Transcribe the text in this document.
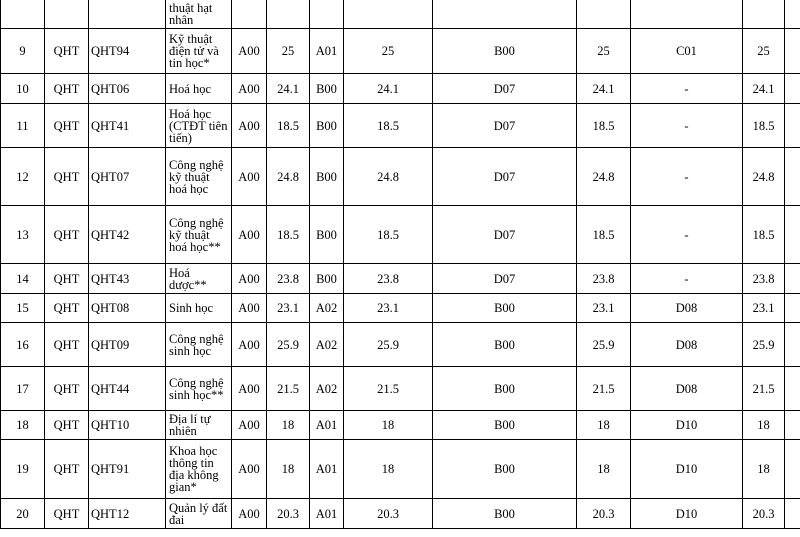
			thuật hạt nhân									
9	QHT	QHT94	Kỹ thuật điện tử và tin học*	A00	25	A01	25	B00	25	C01	25	
10	QHT	QHT06	Hoá học	A00	24.1	B00	24.1	D07	24.1	-	24.1	
11	QHT	QHT41	Hoá học (CTĐT tiên tiến)	A00	18.5	B00	18.5	D07	18.5	-	18.5	
12	QHT	QHT07	Công nghệ kỹ thuật hoá học	A00	24.8	B00	24.8	D07	24.8	-	24.8	
13	QHT	QHT42	Công nghệ kỹ thuật hoá học**	A00	18.5	B00	18.5	D07	18.5	-	18.5	
14	QHT	QHT43	Hoá dược**	A00	23.8	B00	23.8	D07	23.8	-	23.8	
15	QHT	QHT08	Sinh học	A00	23.1	A02	23.1	B00	23.1	D08	23.1	
16	QHT	QHT09	Công nghệ sinh học	A00	25.9	A02	25.9	B00	25.9	D08	25.9	
17	QHT	QHT44	Công nghệ sinh học**	A00	21.5	A02	21.5	B00	21.5	D08	21.5	
18	QHT	QHT10	Địa lí tự nhiên	A00	18	A01	18	B00	18	D10	18	
19	QHT	QHT91	Khoa học thông tin địa không gian*	A00	18	A01	18	B00	18	D10	18	
20	QHT	QHT12	Quản lý đất đai	A00	20.3	A01	20.3	B00	20.3	D10	20.3	
